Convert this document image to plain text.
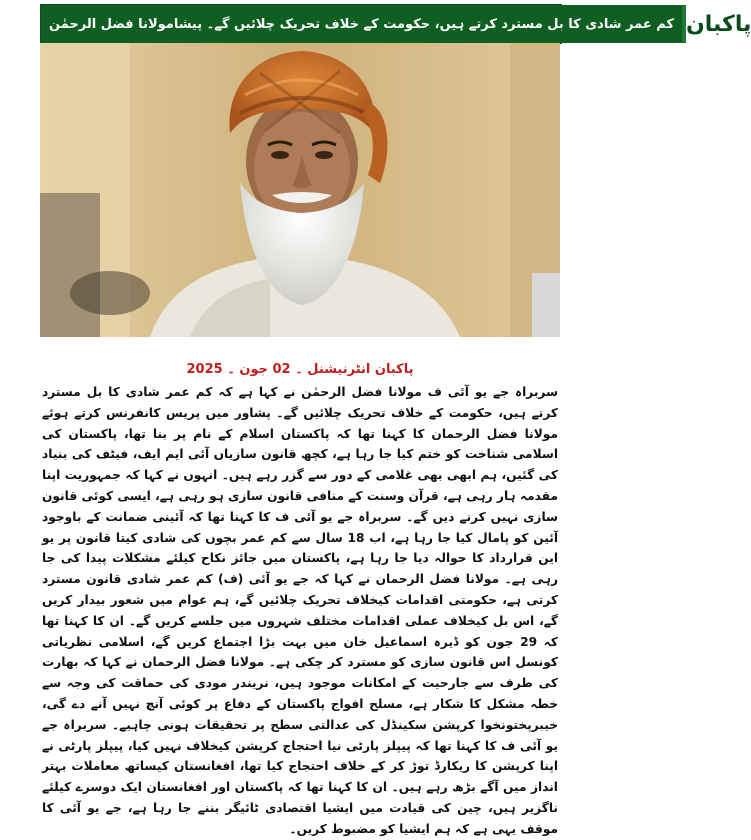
کم عمر شادی کا بل مسترد کرتے ہیں، حکومت کے خلاف تحریک چلائیں گے۔ پیشامولانا فضل الرحمٰن پاکبان
پاکبان انٹرنیشنل ۔ 02 جون ۔ 2025

سربراہ جے یو آئی ف مولانا فضل الرحمٰن نے کہا ہے کہ کم عمر شادی کا بل مسترد کرتے ہیں، حکومت کے خلاف تحریک چلائیں گے۔ پشاور میں پریس کانفرنس کرتے ہوئے مولانا فضل الرحمان کا کہنا تھا کہ پاکستان اسلام کے نام پر بنا تھا، پاکستان کی اسلامی شناخت کو ختم کیا جا رہا ہے، کچھ قانون سازیاں آئی ایم ایف، فیٹف کی بنیاد کی گئیں، ہم ابھی بھی غلامی کے دور سے گزر رہے ہیں۔ انہوں نے کہا کہ جمہوریت اپنا مقدمہ ہار رہی ہے، قرآن وسنت کے منافی قانون سازی ہو رہی ہے، ایسی کوئی قانون سازی نہیں کرنے دیں گے۔ سربراہ جے یو آئی ف کا کہنا تھا کہ آئینی ضمانت کے باوجود آئین کو پامال کیا جا رہا ہے، اب 18 سال سے کم عمر بچوں کی شادی کیتا قانون پر یو این قرارداد کا حوالہ دیا جا رہا ہے، پاکستان میں جائز نکاح کیلئے مشکلات پیدا کی جا رہی ہے۔ مولانا فضل الرحمان نے کہا کہ جے یو آئی (ف) کم عمر شادی قانون مسترد کرتی ہے، حکومتی اقدامات کیخلاف تحریک چلائیں گے، ہم عوام میں شعور بیدار کریں گے، اس بل کیخلاف عملی اقدامات مختلف شہروں میں جلسے کریں گے۔ ان کا کہنا تھا کہ 29 جون کو ڈیرہ اسماعیل خان میں بہت بڑا اجتماع کریں گے، اسلامی نظریاتی کونسل اس قانون سازی کو مسترد کر چکی ہے۔ مولانا فضل الرحمان نے کہا کہ بھارت کی طرف سے جارحیت کے امکانات موجود ہیں، نریندر مودی کی حماقت کی وجہ سے خطہ مشکل کا شکار ہے، مسلح افواج پاکستان کے دفاع پر کوئی آنچ نہیں آنے دے گی، خیبرپختونخوا کرپشن سکینڈل کی عدالتی سطح پر تحقیقات ہونی چاہیے۔ سربراہ جے یو آئی ف کا کہنا تھا کہ پیپلز پارٹی نیا احتجاج کرپشن کیخلاف نہیں کیا، پیپلز پارٹی نے اپنا کرپشن کا ریکارڈ توڑ کر کے خلاف احتجاج کیا تھا، افغانستان کیساتھ معاملات بہتر انداز میں آگے بڑھ رہے ہیں۔ ان کا کہنا تھا کہ پاکستان اور افغانستان ایک دوسرے کیلئے ناگزیر ہیں، چین کی قیادت میں ایشیا اقتصادی ٹائیگر بننے جا رہا ہے، جے یو آئی کا موقف یہی ہے کہ ہم ایشیا کو مضبوط کریں۔
